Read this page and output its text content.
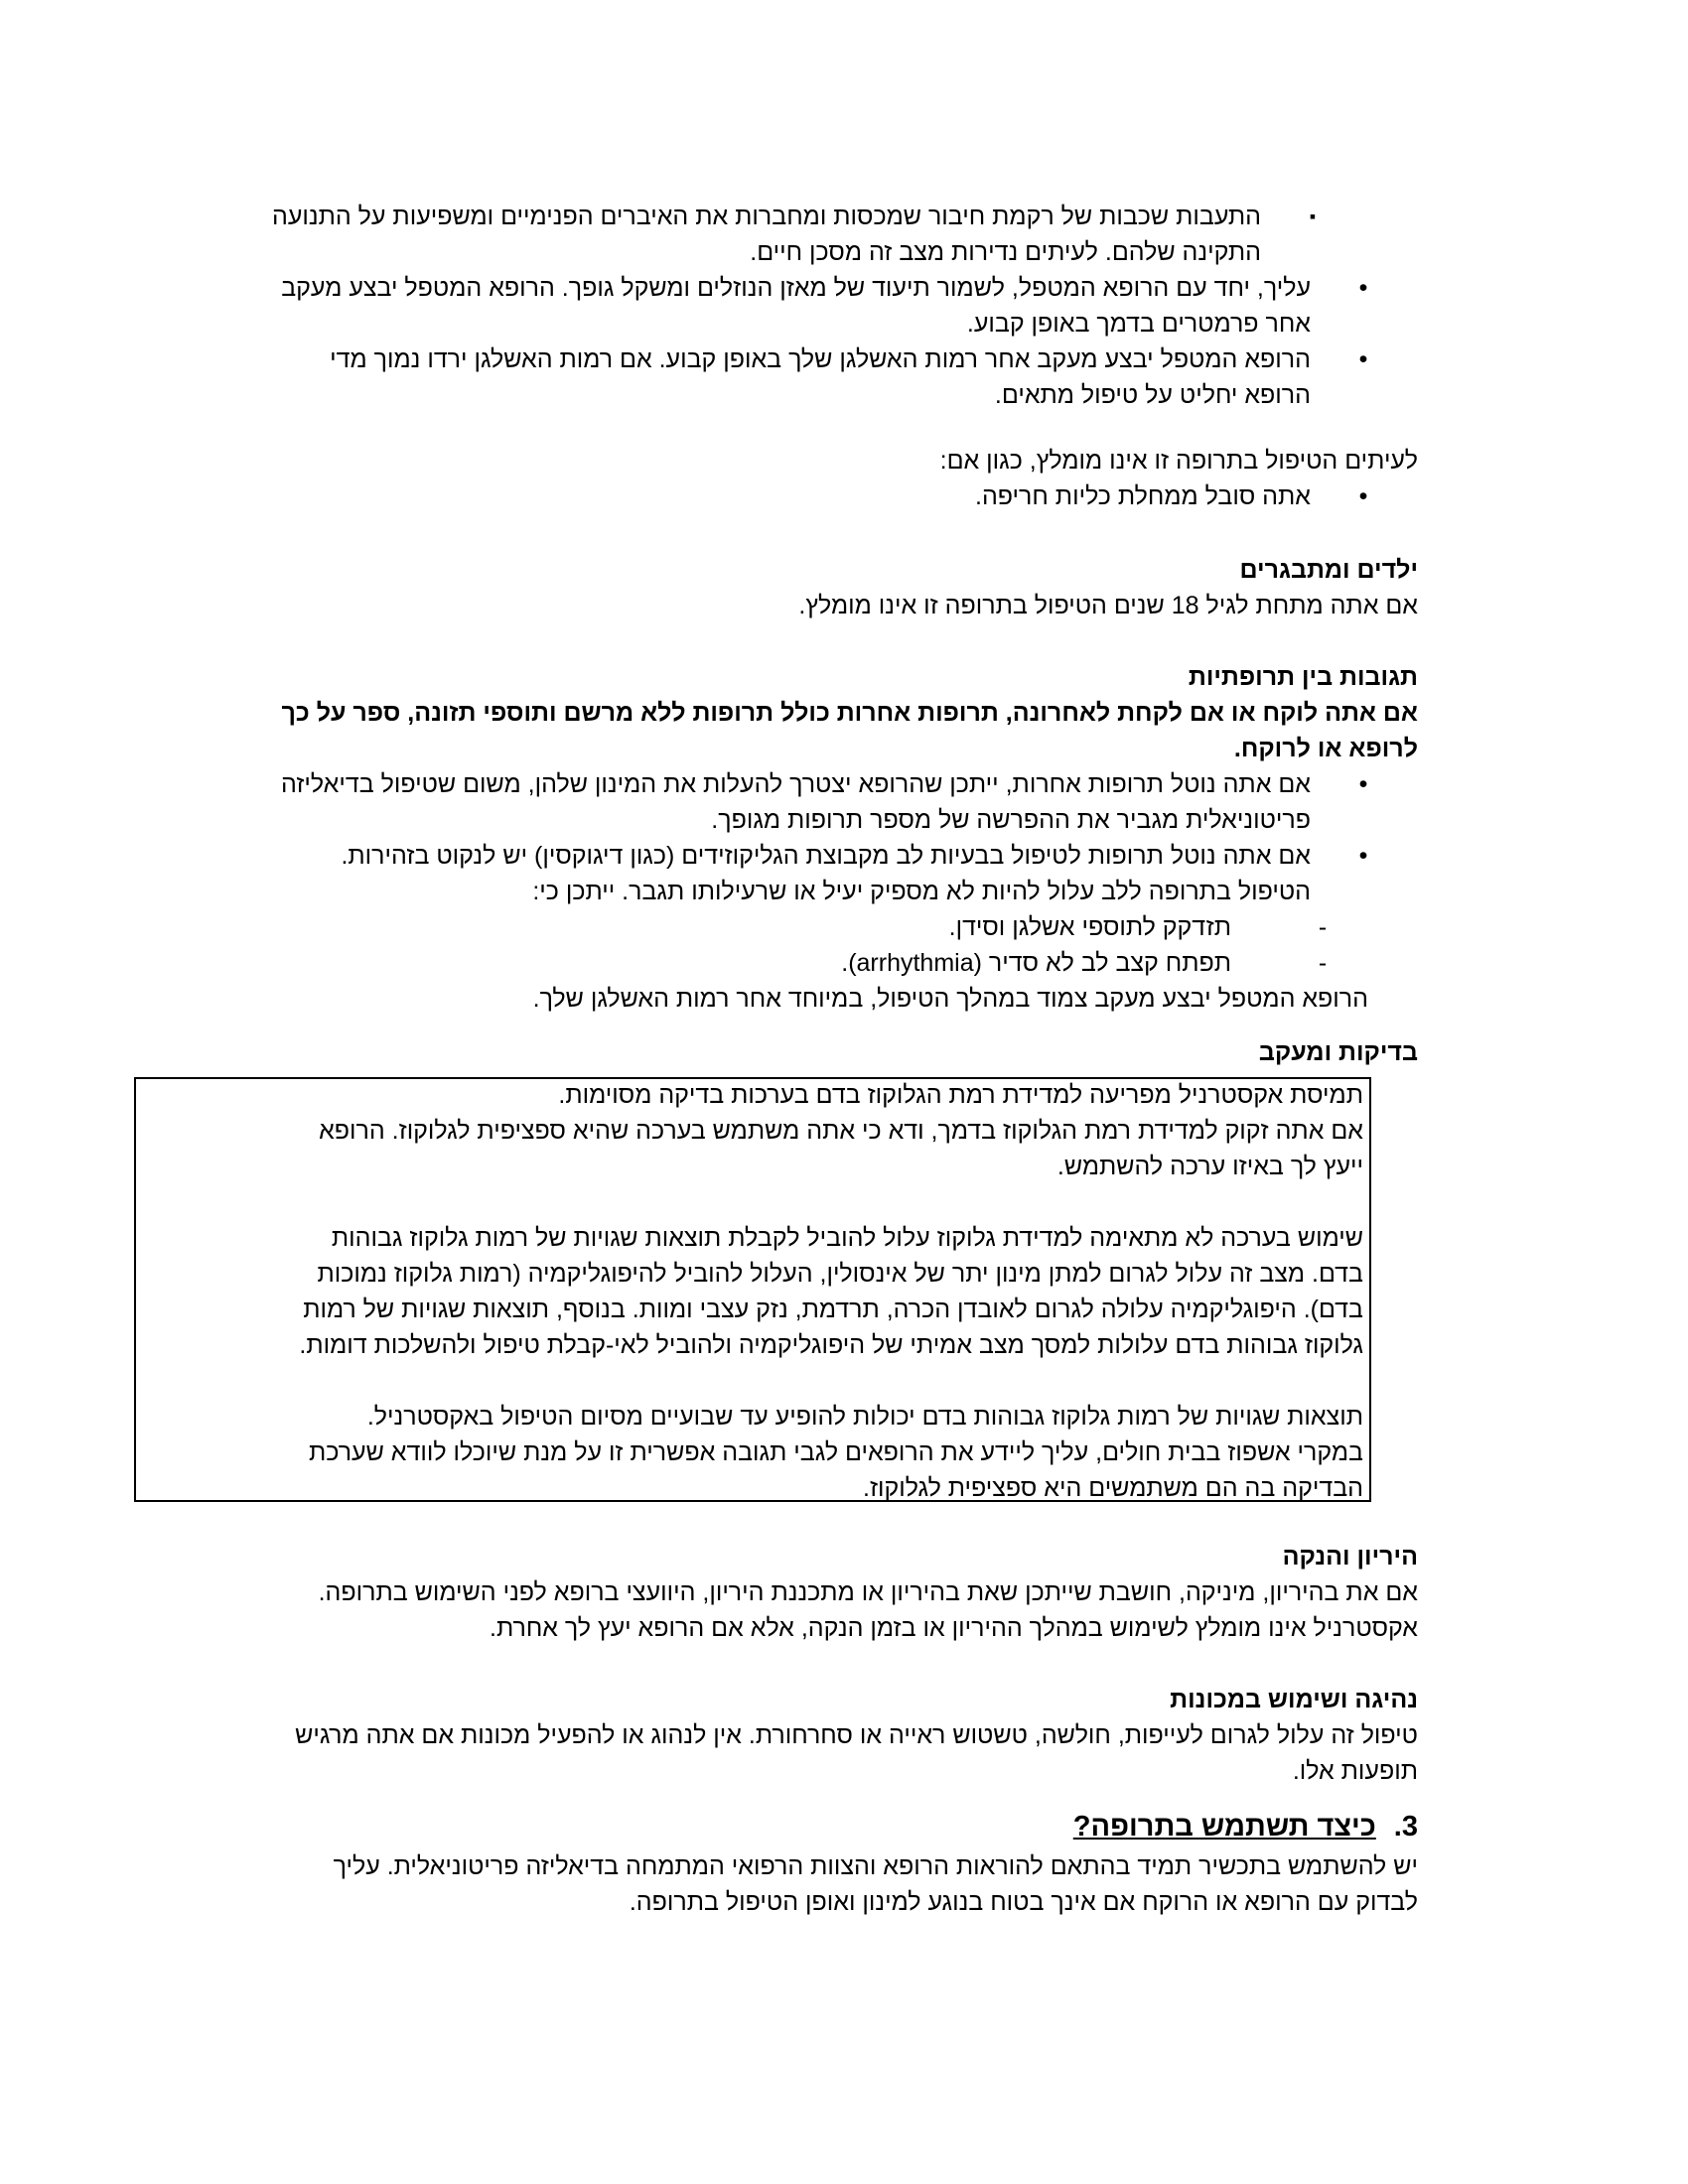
▪

התעבות שכבות של רקמת חיבור שמכסות ומחברות את האיברים הפנימיים ומשפיעות על התנועה
התקינה שלהם. לעיתים נדירות מצב זה מסכן חיים.

•

עליך, יחד עם הרופא המטפל, לשמור תיעוד של מאזן הנוזלים ומשקל גופך. הרופא המטפל יבצע מעקב
אחר פרמטרים בדמך באופן קבוע.

•

הרופא המטפל יבצע מעקב אחר רמות האשלגן שלך באופן קבוע. אם רמות האשלגן ירדו נמוך מדי
הרופא יחליט על טיפול מתאים.

לעיתים הטיפול בתרופה זו אינו מומלץ, כגון אם:

•

אתה סובל ממחלת כליות חריפה.

ילדים ומתבגרים

אם אתה מתחת לגיל 18 שנים הטיפול בתרופה זו אינו מומלץ.

תגובות בין תרופתיות

אם אתה לוקח או אם לקחת לאחרונה, תרופות אחרות כולל תרופות ללא מרשם ותוספי תזונה, ספר על כך
לרופא או לרוקח.

•

אם אתה נוטל תרופות אחרות, ייתכן שהרופא יצטרך להעלות את המינון שלהן, משום שטיפול בדיאליזה
פריטוניאלית מגביר את ההפרשה של מספר תרופות מגופך.

•

אם אתה נוטל תרופות לטיפול בבעיות לב מקבוצת הגליקוזידים (כגון דיגוקסין) יש לנקוט בזהירות.
הטיפול בתרופה ללב עלול להיות לא מספיק יעיל או שרעילותו תגבר. ייתכן כי:

-

תזדקק לתוספי אשלגן וסידן.

-

תפתח קצב לב לא סדיר (arrhythmia).

הרופא המטפל יבצע מעקב צמוד במהלך הטיפול, במיוחד אחר רמות האשלגן שלך.

בדיקות ומעקב

תמיסת אקסטרניל מפריעה למדידת רמת הגלוקוז בדם בערכות בדיקה מסוימות.
אם אתה זקוק למדידת רמת הגלוקוז בדמך, ודא כי אתה משתמש בערכה שהיא ספציפית לגלוקוז. הרופא
ייעץ לך באיזו ערכה להשתמש.

שימוש בערכה לא מתאימה למדידת גלוקוז עלול להוביל לקבלת תוצאות שגויות של רמות גלוקוז גבוהות
בדם. מצב זה עלול לגרום למתן מינון יתר של אינסולין, העלול להוביל להיפוגליקמיה (רמות גלוקוז נמוכות
בדם). היפוגליקמיה עלולה לגרום לאובדן הכרה, תרדמת, נזק עצבי ומוות. בנוסף, תוצאות שגויות של רמות
גלוקוז גבוהות בדם עלולות למסך מצב אמיתי של היפוגליקמיה ולהוביל לאי-קבלת טיפול ולהשלכות דומות.

תוצאות שגויות של רמות גלוקוז גבוהות בדם יכולות להופיע עד שבועיים מסיום הטיפול באקסטרניל.
במקרי אשפוז בבית חולים, עליך ליידע את הרופאים לגבי תגובה אפשרית זו על מנת שיוכלו לוודא שערכת
הבדיקה בה הם משתמשים היא ספציפית לגלוקוז.

היריון והנקה

אם את בהיריון, מיניקה, חושבת שייתכן שאת בהיריון או מתכננת היריון, היוועצי ברופא לפני השימוש בתרופה.
אקסטרניל אינו מומלץ לשימוש במהלך ההיריון או בזמן הנקה, אלא אם הרופא יעץ לך אחרת.

נהיגה ושימוש במכונות

טיפול זה עלול לגרום לעייפות, חולשה, טשטוש ראייה או סחרחורת. אין לנהוג או להפעיל מכונות אם אתה מרגיש
תופעות אלו.

3.כיצד תשתמש בתרופה?

יש להשתמש בתכשיר תמיד בהתאם להוראות הרופא והצוות הרפואי המתמחה בדיאליזה פריטוניאלית. עליך
לבדוק עם הרופא או הרוקח אם אינך בטוח בנוגע למינון ואופן הטיפול בתרופה.
